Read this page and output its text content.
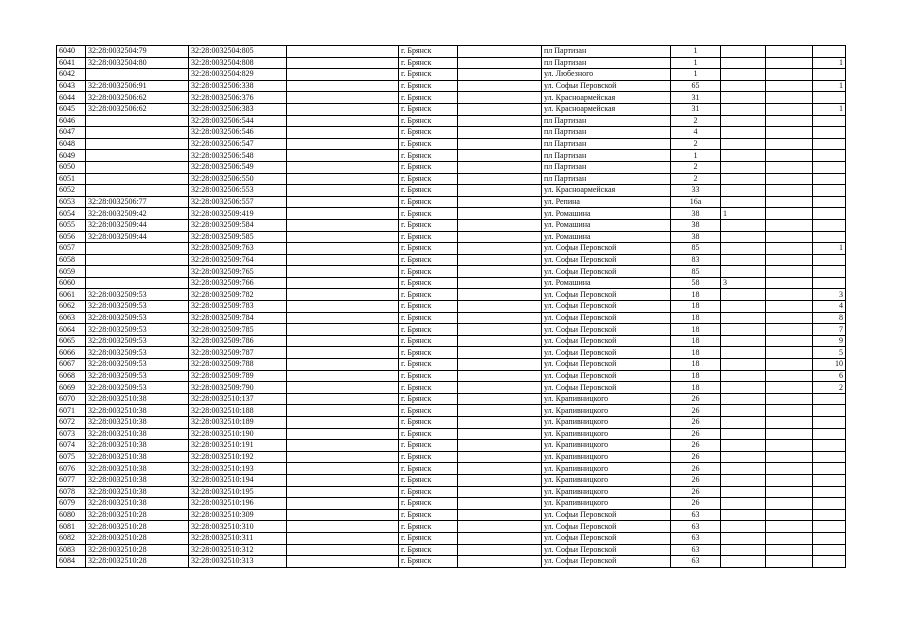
6040	32:28:0032504:79	32:28:0032504:805		г. Брянск		пл Партизан	1			
6041	32:28:0032504:80	32:28:0032504:808		г. Брянск		пл Партизан	1			1
6042		32:28:0032504:829		г. Брянск		ул. Любезного	1			
6043	32:28:0032506:91	32:28:0032506:338		г. Брянск		ул. Софьи Перовской	65			1
6044	32:28:0032506:62	32:28:0032506:376		г. Брянск		ул. Красноармейская	31			
6045	32:28:0032506:62	32:28:0032506:383		г. Брянск		ул. Красноармейская	31			1
6046		32:28:0032506:544		г. Брянск		пл Партизан	2			
6047		32:28:0032506:546		г. Брянск		пл Партизан	4			
6048		32:28:0032506:547		г. Брянск		пл Партизан	2			
6049		32:28:0032506:548		г. Брянск		пл Партизан	1			
6050		32:28:0032506:549		г. Брянск		пл Партизан	2			
6051		32:28:0032506:550		г. Брянск		пл Партизан	2			
6052		32:28:0032506:553		г. Брянск		ул. Красноармейская	33			
6053	32:28:0032506:77	32:28:0032506:557		г. Брянск		ул. Репина	16а			
6054	32:28:0032509:42	32:28:0032509:419		г. Брянск		ул. Ромашина	38	1		
6055	32:28:0032509:44	32:28:0032509:584		г. Брянск		ул. Ромашина	38			
6056	32:28:0032509:44	32:28:0032509:585		г. Брянск		ул. Ромашина	38			
6057		32:28:0032509:763		г. Брянск		ул. Софьи Перовской	85			1
6058		32:28:0032509:764		г. Брянск		ул. Софьи Перовской	83			
6059		32:28:0032509:765		г. Брянск		ул. Софьи Перовской	85			
6060		32:28:0032509:766		г. Брянск		ул. Ромашина	58	3		
6061	32:28:0032509:53	32:28:0032509:782		г. Брянск		ул. Софьи Перовской	18			3
6062	32:28:0032509:53	32:28:0032509:783		г. Брянск		ул. Софьи Перовской	18			4
6063	32:28:0032509:53	32:28:0032509:784		г. Брянск		ул. Софьи Перовской	18			8
6064	32:28:0032509:53	32:28:0032509:785		г. Брянск		ул. Софьи Перовской	18			7
6065	32:28:0032509:53	32:28:0032509:786		г. Брянск		ул. Софьи Перовской	18			9
6066	32:28:0032509:53	32:28:0032509:787		г. Брянск		ул. Софьи Перовской	18			5
6067	32:28:0032509:53	32:28:0032509:788		г. Брянск		ул. Софьи Перовской	18			10
6068	32:28:0032509:53	32:28:0032509:789		г. Брянск		ул. Софьи Перовской	18			6
6069	32:28:0032509:53	32:28:0032509:790		г. Брянск		ул. Софьи Перовской	18			2
6070	32:28:0032510:38	32:28:0032510:137		г. Брянск		ул. Крапивницкого	26			
6071	32:28:0032510:38	32:28:0032510:188		г. Брянск		ул. Крапивницкого	26			
6072	32:28:0032510:38	32:28:0032510:189		г. Брянск		ул. Крапивницкого	26			
6073	32:28:0032510:38	32:28:0032510:190		г. Брянск		ул. Крапивницкого	26			
6074	32:28:0032510:38	32:28:0032510:191		г. Брянск		ул. Крапивницкого	26			
6075	32:28:0032510:38	32:28:0032510:192		г. Брянск		ул. Крапивницкого	26			
6076	32:28:0032510:38	32:28:0032510:193		г. Брянск		ул. Крапивницкого	26			
6077	32:28:0032510:38	32:28:0032510:194		г. Брянск		ул. Крапивницкого	26			
6078	32:28:0032510:38	32:28:0032510:195		г. Брянск		ул. Крапивницкого	26			
6079	32:28:0032510:38	32:28:0032510:196		г. Брянск		ул. Крапивницкого	26			
6080	32:28:0032510:28	32:28:0032510:309		г. Брянск		ул. Софьи Перовской	63			
6081	32:28:0032510:28	32:28:0032510:310		г. Брянск		ул. Софьи Перовской	63			
6082	32:28:0032510:28	32:28:0032510:311		г. Брянск		ул. Софьи Перовской	63			
6083	32:28:0032510:28	32:28:0032510:312		г. Брянск		ул. Софьи Перовской	63			
6084	32:28:0032510:28	32:28:0032510:313		г. Брянск		ул. Софьи Перовской	63			
